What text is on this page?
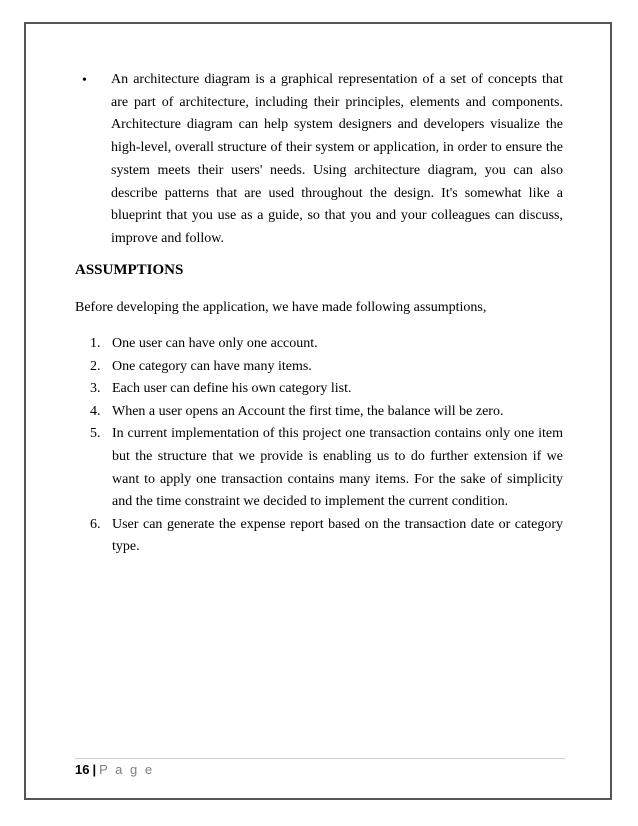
• An architecture diagram is a graphical representation of a set of concepts that are part of architecture, including their principles, elements and components. Architecture diagram can help system designers and developers visualize the high-level, overall structure of their system or application, in order to ensure the system meets their users' needs. Using architecture diagram, you can also describe patterns that are used throughout the design. It's somewhat like a blueprint that you use as a guide, so that you and your colleagues can discuss, improve and follow.

ASSUMPTIONS

Before developing the application, we have made following assumptions,

1. One user can have only one account.
2. One category can have many items.
3. Each user can define his own category list.
4. When a user opens an Account the first time, the balance will be zero.
5. In current implementation of this project one transaction contains only one item but the structure that we provide is enabling us to do further extension if we want to apply one transaction contains many items. For the sake of simplicity and the time constraint we decided to implement the current condition.
6. User can generate the expense report based on the transaction date or category type.
16 | P a g e
